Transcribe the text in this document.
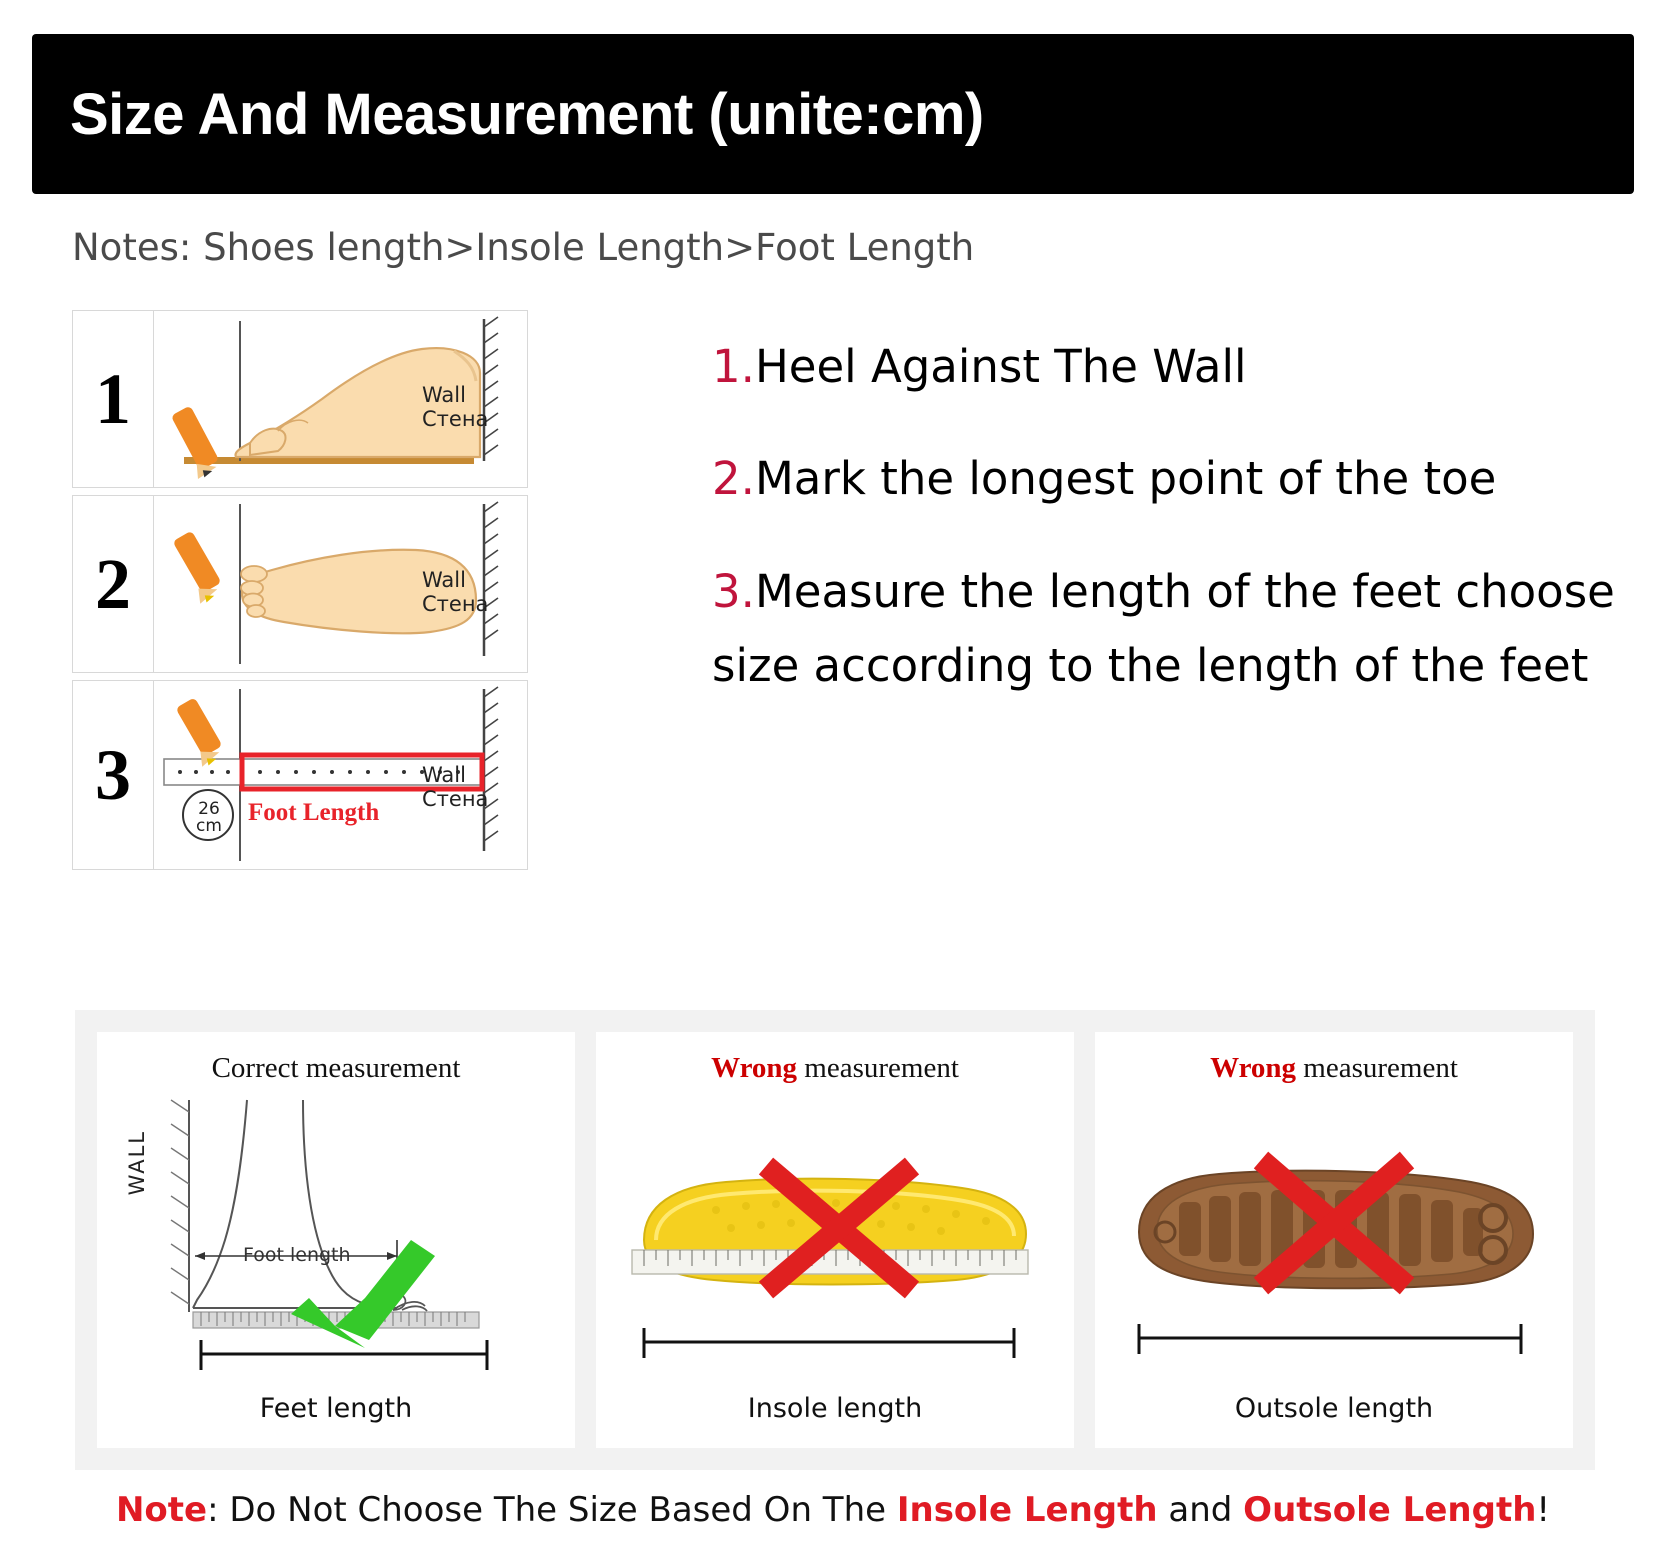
Size And Measurement (unite:cm)
Notes: Shoes length>Insole Length>Foot Length
1	Wall
Стена
2	Wall
Стена
3	Wall
Стена
Foot Length
26
cm
1.Heel Against The Wall
2.Mark the longest point of the toe
3.Measure the length of the feet choose size according to the length of the feet
Correct measurement
WALL
Foot length
Feet length
Wrong measurement
Insole length
Wrong measurement
Outsole length
Note: Do Not Choose The Size Based On The Insole Length and Outsole Length!
